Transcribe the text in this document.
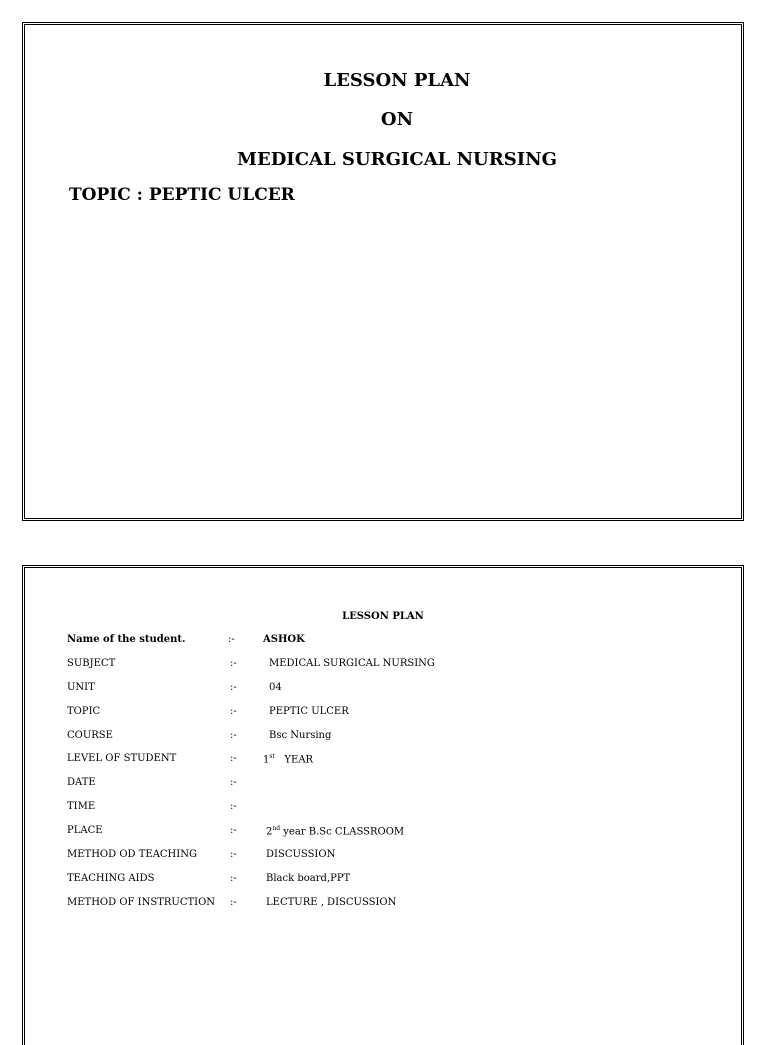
LESSON PLAN
ON
MEDICAL SURGICAL NURSING
TOPIC : PEPTIC ULCER
LESSON PLAN
Name of the student.	:-	ASHOK
SUBJECT	:-	MEDICAL SURGICAL NURSING
UNIT	:-	04
TOPIC	:-	PEPTIC ULCER
COURSE	:-	Bsc Nursing
LEVEL OF STUDENT	:-	1st YEAR
DATE	:-
TIME	:-
PLACE	:-	2nd year B.Sc CLASSROOM
METHOD OD TEACHING	:-	DISCUSSION
TEACHING AIDS	:-	Black board,PPT
METHOD OF INSTRUCTION :-	LECTURE , DISCUSSION
